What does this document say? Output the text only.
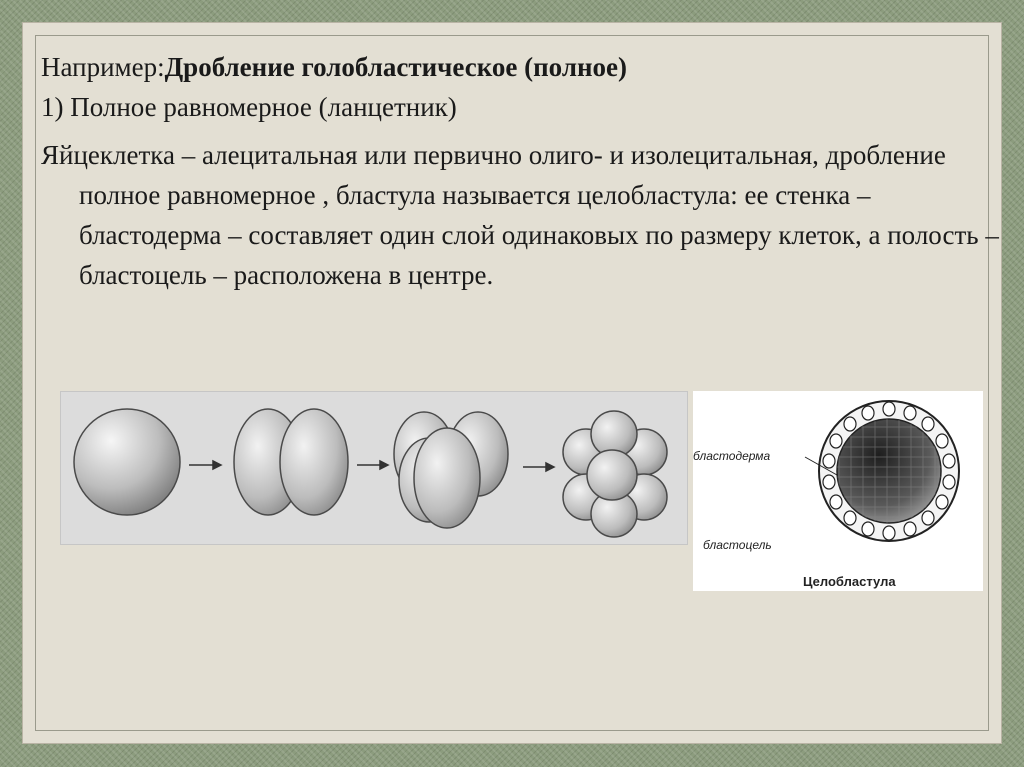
Например:Дробление голобластическое (полное)

1) Полное равномерное (ланцетник)

Яйцеклетка – алецитальная или первично олиго- и изолецитальная, дробление полное равномерное , бластула называется целобластула: ее стенка – бластодерма – составляет один слой одинаковых по размеру клеток, а полость – бластоцель – расположена в центре.

бластодерма
бластоцель
Целобластула
